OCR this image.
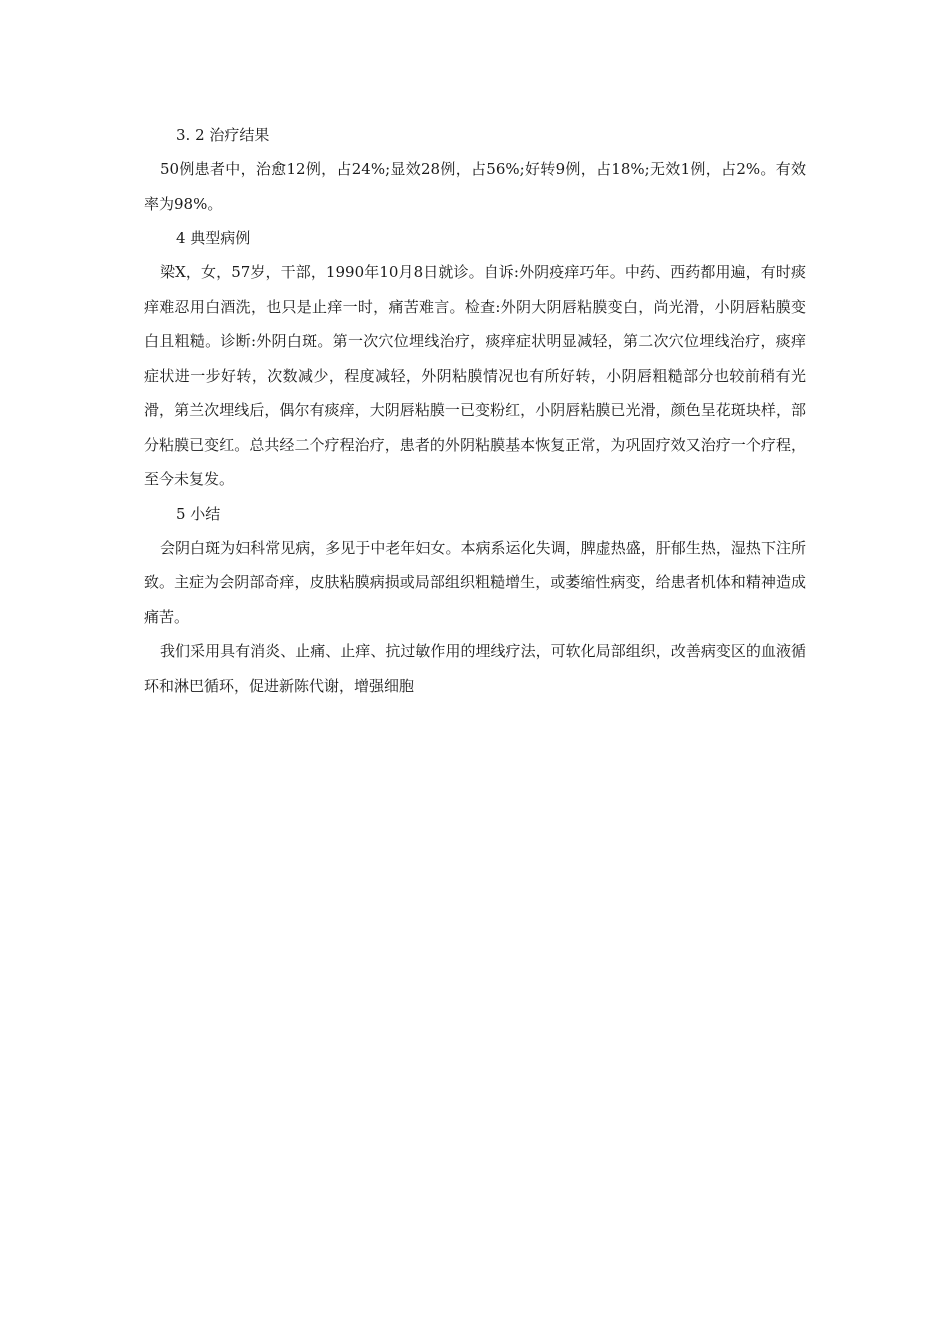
3. 2 治疗结果

50例患者中，治愈12例，占24%;显效28例，占56%;好转9例，占18%;无效1例，占2%。有效率为98%。

4 典型病例

梁X，女，57岁，干部，1990年10月8日就诊。自诉:外阴疫痒巧年。中药、西药都用遍，有时痰痒难忍用白酒洗，也只是止痒一时，痛苦难言。检查:外阴大阴唇粘膜变白，尚光滑，小阴唇粘膜变白且粗糙。诊断:外阴白斑。第一次穴位埋线治疗，痰痒症状明显减轻，第二次穴位埋线治疗，痰痒症状进一步好转，次数减少，程度减轻，外阴粘膜情况也有所好转，小阴唇粗糙部分也较前稍有光滑，第兰次埋线后，偶尔有痰痒，大阴唇粘膜一已变粉红，小阴唇粘膜已光滑，颜色呈花斑块样，部分粘膜已变红。总共经二个疗程治疗，患者的外阴粘膜基本恢复正常，为巩固疗效又治疗一个疗程，至今未复发。

5 小结

会阴白斑为妇科常见病，多见于中老年妇女。本病系运化失调，脾虚热盛，肝郁生热，湿热下注所致。主症为会阴部奇痒，皮肤粘膜病损或局部组织粗糙增生，或萎缩性病变，给患者机体和精神造成痛苦。

我们采用具有消炎、止痛、止痒、抗过敏作用的埋线疗法，可软化局部组织，改善病变区的血液循环和淋巴循环，促进新陈代谢，增强细胞
